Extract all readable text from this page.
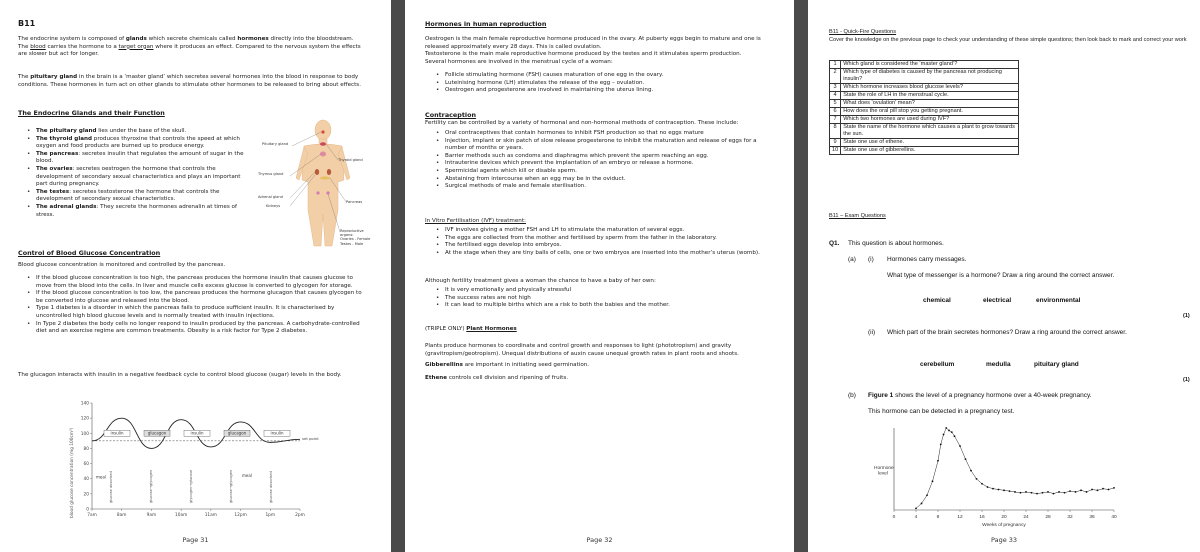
B11
The endocrine system is composed of glands which secrete chemicals called hormones directly into the bloodstream. The blood carries the hormone to a target organ where it produces an effect. Compared to the nervous system the effects are slower but act for longer.
The pituitary gland in the brain is a ‘master gland’ which secretes several hormones into the blood in response to body conditions. These hormones in turn act on other glands to stimulate other hormones to be released to bring about effects.
The Endocrine Glands and their Function
• The pituitary gland lies under the base of the skull.
• The thyroid gland produces thyroxine that controls the speed at which oxygen and food products are burned up to produce energy.
• The pancreas: secretes insulin that regulates the amount of sugar in the blood.
• The ovaries: secretes oestrogen the hormone that controls the development of secondary sexual characteristics and plays an important part during pregnancy.
• The testes: secretes testosterone the hormone that controls the development of secondary sexual characteristics.
• The adrenal glands: They secrete the hormones adrenalin at times of stress.
Pituitary gland
Thyroid gland
Thymus gland
Adrenal gland
Kidneys
Pancreas
Reproductive organs:
Ovaries - Female
Testes - Male
Control of Blood Glucose Concentration
Blood glucose concentration is monitored and controlled by the pancreas.
• If the blood glucose concentration is too high, the pancreas produces the hormone insulin that causes glucose to move from the blood into the cells. In liver and muscle cells excess glucose is converted to glycogen for storage.
• If the blood glucose concentration is too low, the pancreas produces the hormone glucagon that causes glycogen to be converted into glucose and released into the blood.
• Type 1 diabetes is a disorder in which the pancreas fails to produce sufficient insulin. It is characterised by uncontrolled high blood glucose levels and is normally treated with insulin injections.
• In Type 2 diabetes the body cells no longer respond to insulin produced by the pancreas. A carbohydrate-controlled diet and an exercise regime are common treatments. Obesity is a risk factor for Type 2 diabetes.
The glucagon interacts with insulin in a negative feedback cycle to control blood glucose (sugar) levels in the body.
140
120
100
80
60
40
20
0
7am	8am	9am	10am	11am	12pm	1pm	2pm
set point
insulin	glucagon	insulin	glucagon	insulin
glucose absorbed	glucose→glycogen	glycogen→glucose	glucose→glycogen	glucose absorbed
meal	meal
blood glucose concentration (mg 100cm³)
Page 31
Hormones in human reproduction
Oestrogen is the main female reproductive hormone produced in the ovary. At puberty eggs begin to mature and one is released approximately every 28 days. This is called ovulation.
Testosterone is the main male reproductive hormone produced by the testes and it stimulates sperm production.
Several hormones are involved in the menstrual cycle of a woman:
• Follicle stimulating hormone (FSH) causes maturation of one egg in the ovary.
• Luteinising hormone (LH) stimulates the release of the egg – ovulation.
• Oestrogen and progesterone are involved in maintaining the uterus lining.
Contraception
Fertility can be controlled by a variety of hormonal and non-hormonal methods of contraception. These include:
• Oral contraceptives that contain hormones to inhibit FSH production so that no eggs mature
• Injection, implant or skin patch of slow release progesterone to inhibit the maturation and release of eggs for a number of months or years.
• Barrier methods such as condoms and diaphragms which prevent the sperm reaching an egg.
• Intrauterine devices which prevent the implantation of an embryo or release a hormone.
• Spermicidal agents which kill or disable sperm.
• Abstaining from intercourse when an egg may be in the oviduct.
• Surgical methods of male and female sterilisation.
In Vitro Fertilisation (IVF) treatment:
• IVF involves giving a mother FSH and LH to stimulate the maturation of several eggs.
• The eggs are collected from the mother and fertilised by sperm from the father in the laboratory.
• The fertilised eggs develop into embryos.
• At the stage when they are tiny balls of cells, one or two embryos are inserted into the mother’s uterus (womb).
Although fertility treatment gives a woman the chance to have a baby of her own:
• It is very emotionally and physically stressful
• The success rates are not high
• It can lead to multiple births which are a risk to both the babies and the mother.
(TRIPLE ONLY) Plant Hormones
Plants produce hormones to coordinate and control growth and responses to light (phototropism) and gravity (gravitropism/geotropism). Unequal distributions of auxin cause unequal growth rates in plant roots and shoots.
Gibberellins are important in initiating seed germination.
Ethene controls cell division and ripening of fruits.
Page 32
B11 - Quick-Fire Questions
Cover the knowledge on the previous page to check your understanding of these simple questions; then look back to mark and correct your work
1	Which gland is considered the ‘master gland’?
2	Which type of diabetes is caused by the pancreas not producing insulin?
3	Which hormone increases blood glucose levels?
4	State the role of LH in the menstrual cycle.
5	What does ‘ovulation’ mean?
6	How does the oral pill stop you getting pregnant.
7	Which two hormones are used during IVF?
8	State the name of the hormone which causes a plant to grow towards the sun.
9	State one use of ethene.
10	State one use of gibberellins.
B11 – Exam Questions
Q1. This question is about hormones.
(a) (i) Hormones carry messages.
What type of messenger is a hormone? Draw a ring around the correct answer.
chemical	electrical	environmental
(1)
(ii) Which part of the brain secretes hormones? Draw a ring around the correct answer.
cerebellum	medulla	pituitary gland
(1)
(b) Figure 1 shows the level of a pregnancy hormone over a 40-week pregnancy.
This hormone can be detected in a pregnancy test.
0	4	8	12	16	20	24	28	32	36	40
Weeks of pregnancy
Hormone level
Page 33
